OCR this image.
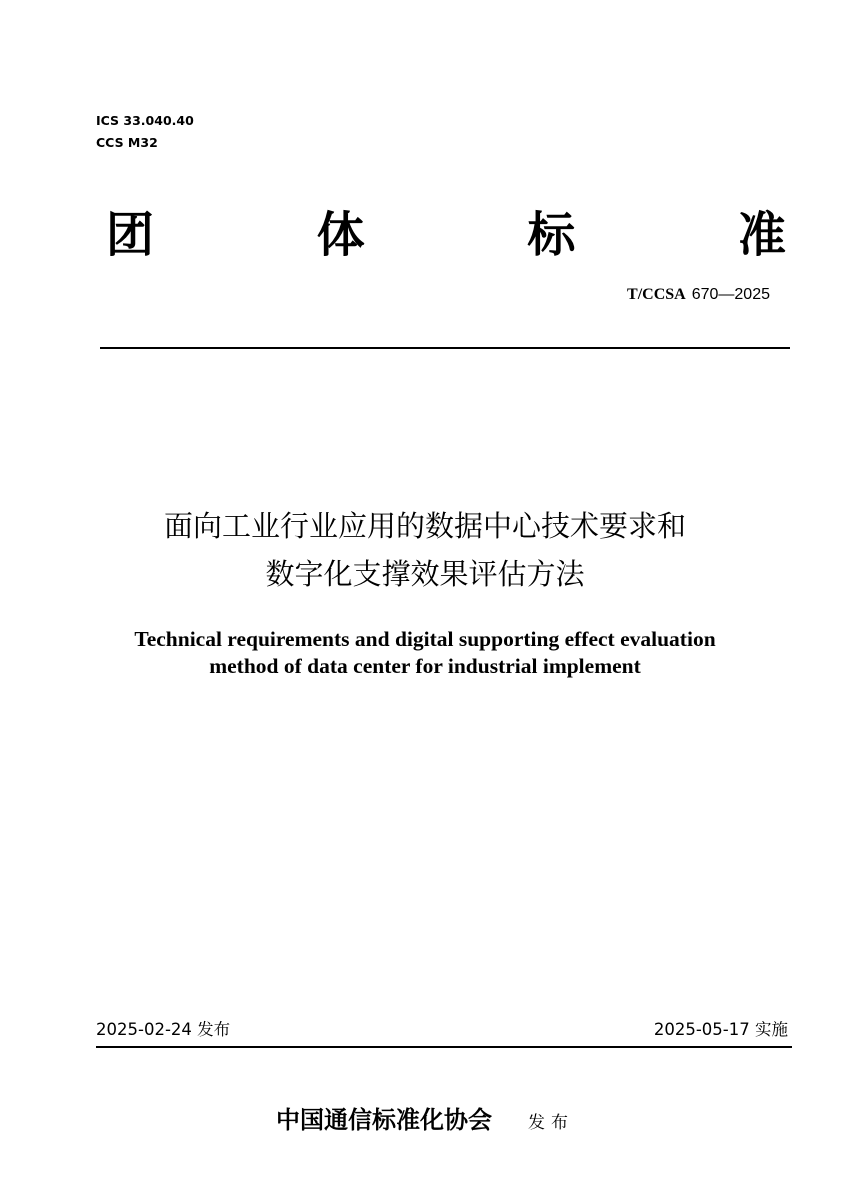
ICS 33.040.40
CCS M32
团	体	标	准
T/CCSA 670—2025
面向工业行业应用的数据中心技术要求和
数字化支撑效果评估方法
Technical requirements and digital supporting effect evaluation
method of data center for industrial implement
2025-02-24 发布	2025-05-17 实施
中国通信标准化协会 发布
